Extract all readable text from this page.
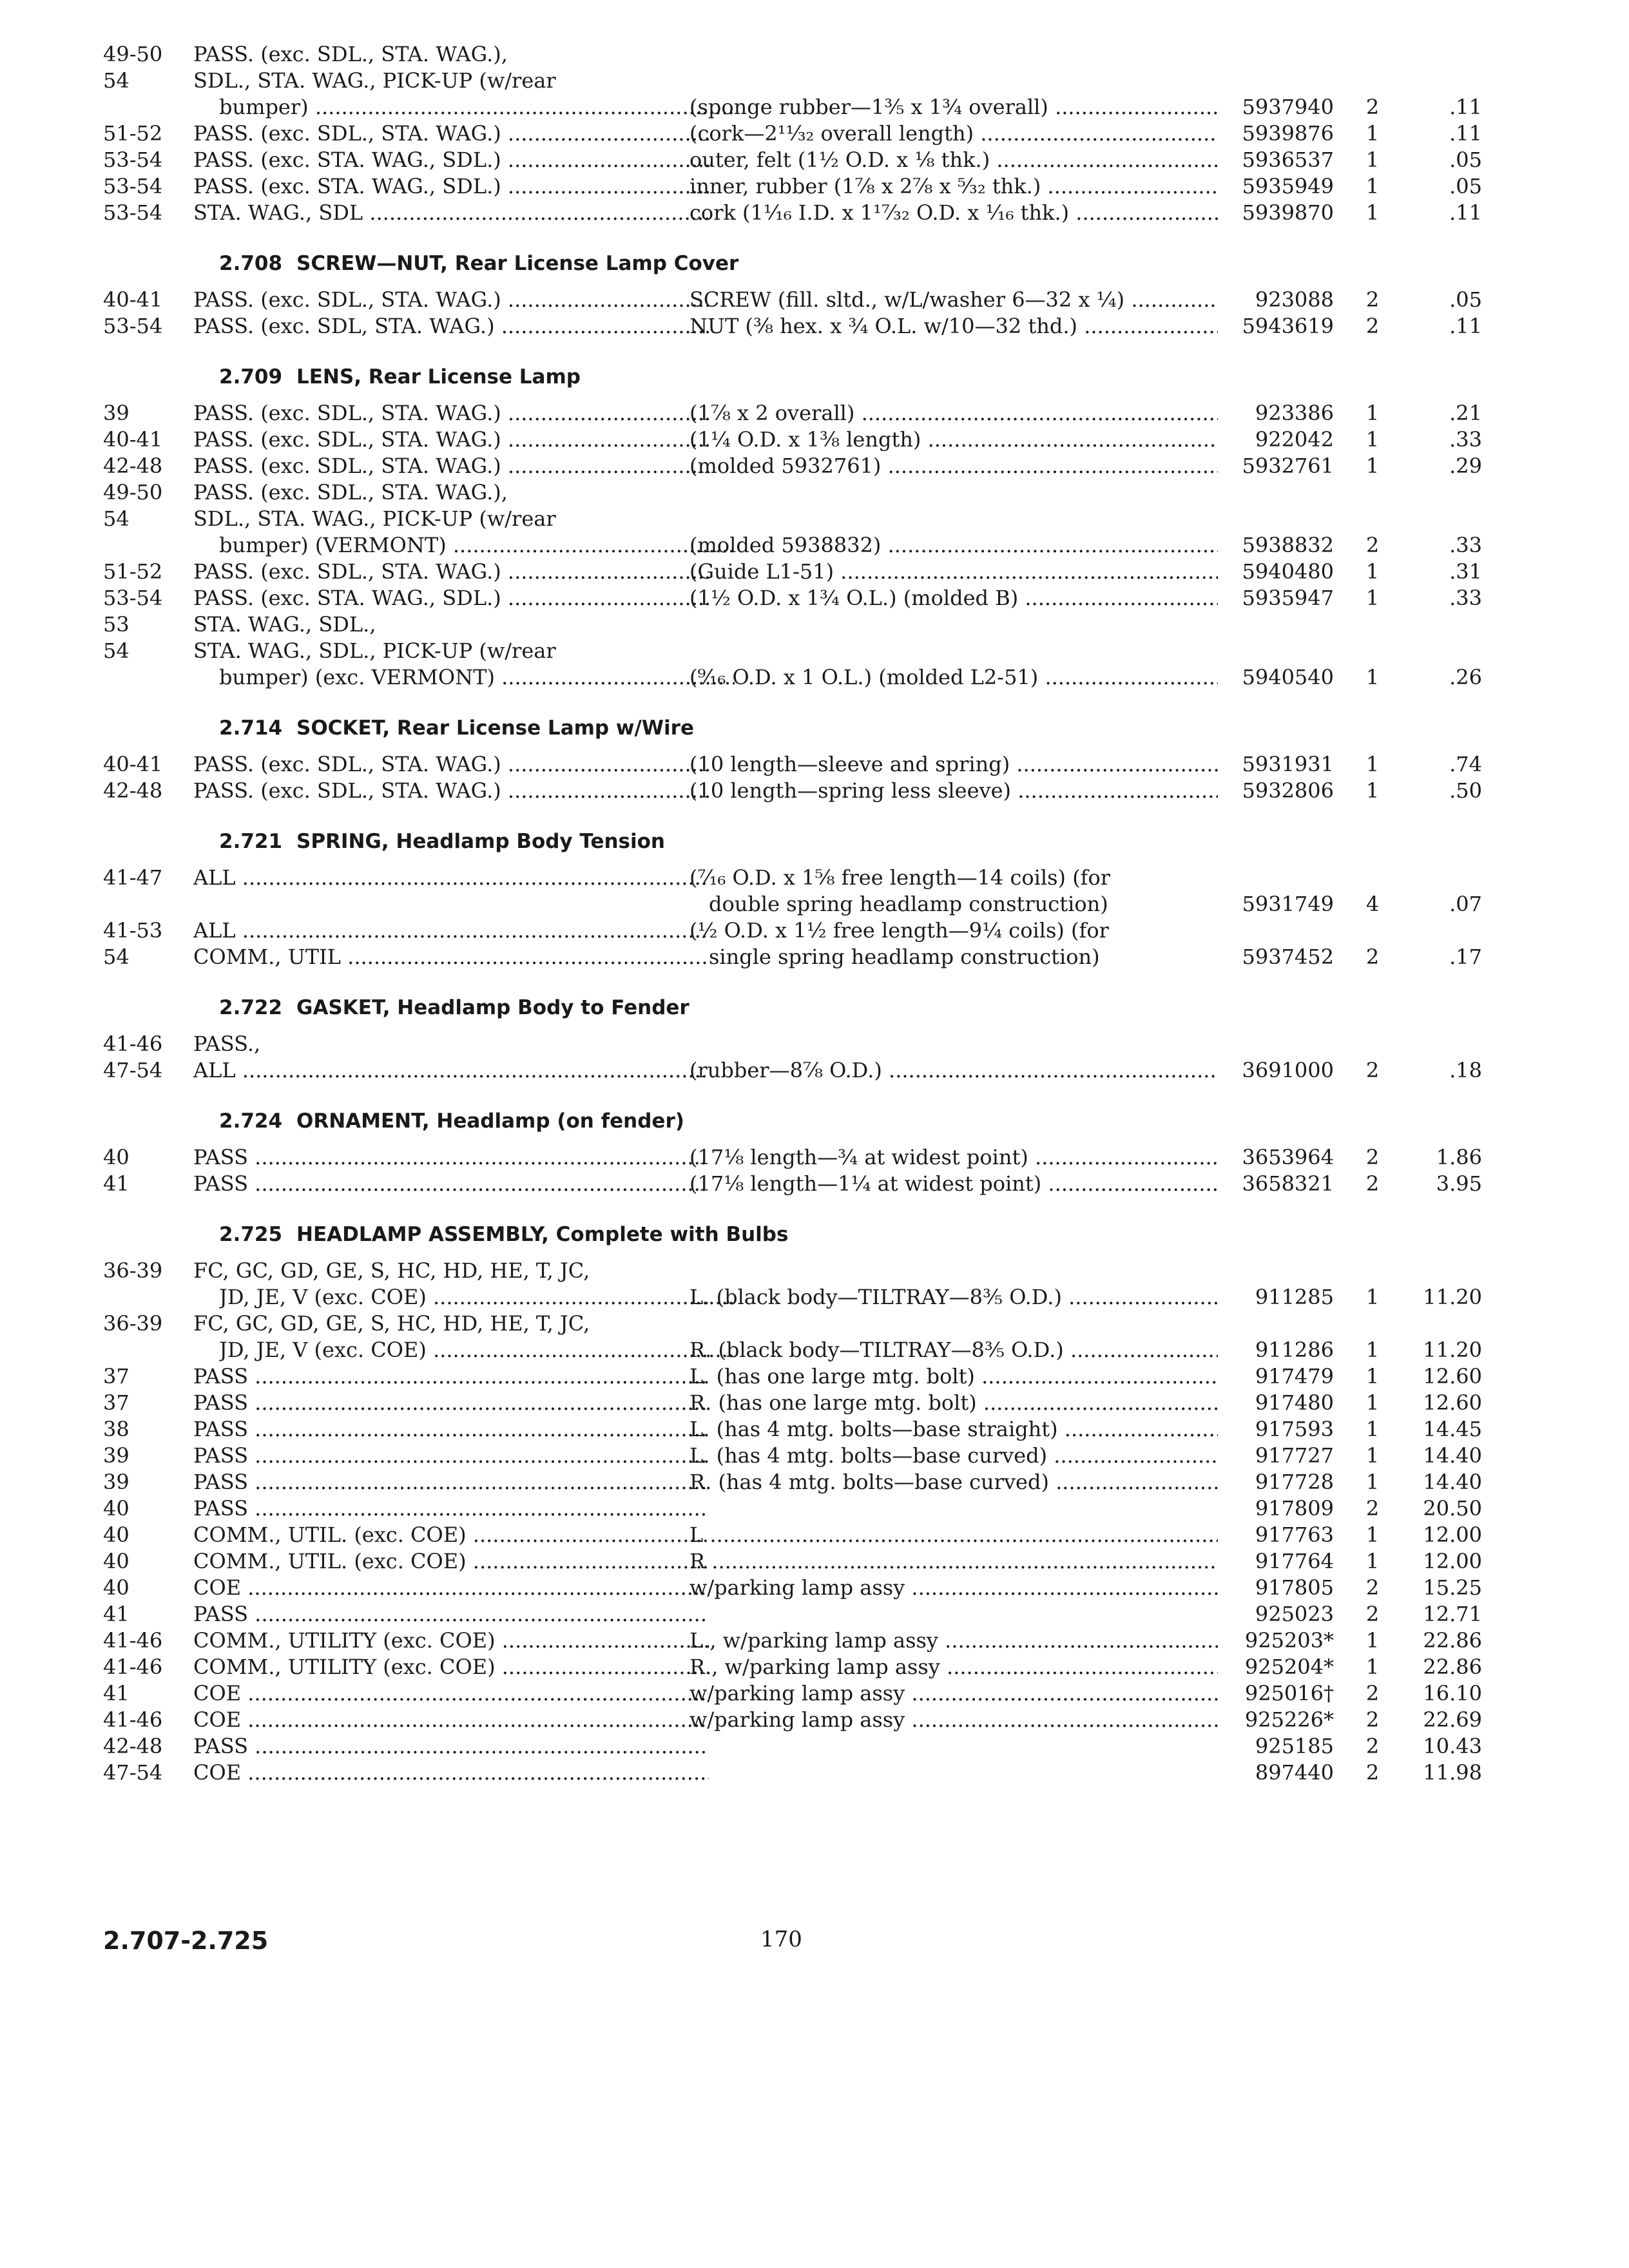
49-50	PASS. (exc. SDL., STA. WAG.),
54	SDL., STA. WAG., PICK-UP (w/rear
bumper) .....	(sponge rubber—1⅗ x 1¾ overall) .....	5937940	2	.11
51-52	PASS. (exc. SDL., STA. WAG.) .....	(cork—2¹¹⁄₃₂ overall length) .....	5939876	1	.11
53-54	PASS. (exc. STA. WAG., SDL.) .....	outer, felt (1½ O.D. x ⅛ thk.) .....	5936537	1	.05
53-54	PASS. (exc. STA. WAG., SDL.) .....	inner, rubber (1⅞ x 2⅞ x ⁵⁄₃₂ thk.) .....	5935949	1	.05
53-54	STA. WAG., SDL .....	cork (1⅟₁₆ I.D. x 1¹⁷⁄₃₂ O.D. x ⅟₁₆ thk.) .....	5939870	1	.11
2.708 SCREW—NUT, Rear License Lamp Cover
40-41	PASS. (exc. SDL., STA. WAG.) .....	SCREW (fill. sltd., w/L/washer 6—32 x ¼) .....	923088	2	.05
53-54	PASS. (exc. SDL, STA. WAG.) .....	NUT (⅜ hex. x ¾ O.L. w/10—32 thd.) .....	5943619	2	.11
2.709 LENS, Rear License Lamp
39	PASS. (exc. SDL., STA. WAG.) .....	(1⅞ x 2 overall) .....	923386	1	.21
40-41	PASS. (exc. SDL., STA. WAG.) .....	(1¼ O.D. x 1⅜ length) .....	922042	1	.33
42-48	PASS. (exc. SDL., STA. WAG.) .....	(molded 5932761) .....	5932761	1	.29
49-50	PASS. (exc. SDL., STA. WAG.),
54	SDL., STA. WAG., PICK-UP (w/rear
bumper) (VERMONT) .....	(molded 5938832) .....	5938832	2	.33
51-52	PASS. (exc. SDL., STA. WAG.) .....	(Guide L1-51) .....	5940480	1	.31
53-54	PASS. (exc. STA. WAG., SDL.) .....	(1½ O.D. x 1¾ O.L.) (molded B) .....	5935947	1	.33
53	STA. WAG., SDL.,
54	STA. WAG., SDL., PICK-UP (w/rear
bumper) (exc. VERMONT) .....	(⁹⁄₁₆ O.D. x 1 O.L.) (molded L2-51) .....	5940540	1	.26
2.714 SOCKET, Rear License Lamp w/Wire
40-41	PASS. (exc. SDL., STA. WAG.) .....	(10 length—sleeve and spring) .....	5931931	1	.74
42-48	PASS. (exc. SDL., STA. WAG.) .....	(10 length—spring less sleeve) .....	5932806	1	.50
2.721 SPRING, Headlamp Body Tension
41-47	ALL .....	(⁷⁄₁₆ O.D. x 1⅝ free length—14 coils) (for
double spring headlamp construction)	5931749	4	.07
41-53	ALL .....	(½ O.D. x 1½ free length—9¼ coils) (for
54	COMM., UTIL .....	single spring headlamp construction)	5937452	2	.17
2.722 GASKET, Headlamp Body to Fender
41-46	PASS.,
47-54	ALL .....	(rubber—8⅞ O.D.) .....	3691000	2	.18
2.724 ORNAMENT, Headlamp (on fender)
40	PASS .....	(17⅛ length—¾ at widest point) .....	3653964	2	1.86
41	PASS .....	(17⅛ length—1¼ at widest point) .....	3658321	2	3.95
2.725 HEADLAMP ASSEMBLY, Complete with Bulbs
36-39	FC, GC, GD, GE, S, HC, HD, HE, T, JC,
JD, JE, V (exc. COE) .....	L. (black body—TILTRAY—8⅗ O.D.) .....	911285	1	11.20
36-39	FC, GC, GD, GE, S, HC, HD, HE, T, JC,
JD, JE, V (exc. COE) .....	R. (black body—TILTRAY—8⅗ O.D.) .....	911286	1	11.20
37	PASS .....	L. (has one large mtg. bolt) .....	917479	1	12.60
37	PASS .....	R. (has one large mtg. bolt) .....	917480	1	12.60
38	PASS .....	L. (has 4 mtg. bolts—base straight) .....	917593	1	14.45
39	PASS .....	L. (has 4 mtg. bolts—base curved) .....	917727	1	14.40
39	PASS .....	R. (has 4 mtg. bolts—base curved) .....	917728	1	14.40
40	PASS .....	917809	2	20.50
40	COMM., UTIL. (exc. COE) .....	L .....	917763	1	12.00
40	COMM., UTIL. (exc. COE) .....	R .....	917764	1	12.00
40	COE .....	w/parking lamp assy .....	917805	2	15.25
41	PASS .....	925023	2	12.71
41-46	COMM., UTILITY (exc. COE) .....	L., w/parking lamp assy .....	925203*	1	22.86
41-46	COMM., UTILITY (exc. COE) .....	R., w/parking lamp assy .....	925204*	1	22.86
41	COE .....	w/parking lamp assy .....	925016†	2	16.10
41-46	COE .....	w/parking lamp assy .....	925226*	2	22.69
42-48	PASS .....	925185	2	10.43
47-54	COE .....	897440	2	11.98
2.707-2.725	170
